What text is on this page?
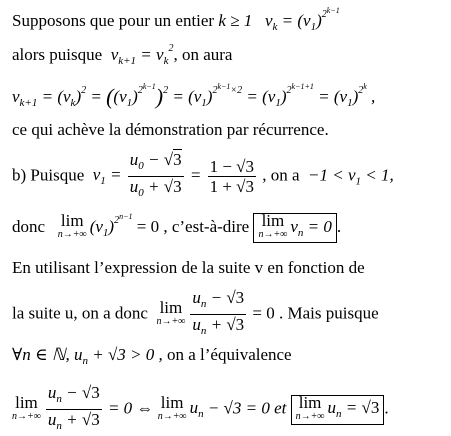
Supposons que pour un entier k ≥ 1 $v_k = (v_1)^{2^{k-1}}$
alors puisque $v_{k+1} = v_k^2$, on aura
$v_{k+1} = (v_k)^2 = ((v_1)^{2^{k-1}})^2 = (v_1)^{2^{k-1}\times 2} = (v_1)^{2^{k-1+1}} = (v_1)^{2^k}$ ,
ce qui achève la démonstration par récurrence.
b) Puisque $v_1 = \frac{u_0 - √3}{u_0 + √3} = \frac{1 - √3}{1 + √3}$ , on $a -1 < v_1 < 1$,
donc lim
n→+∞ $(v_1)^{2^{n-1}} = 0$ , c’est-à-dire lim
n→+∞ $v_n = 0$ .
En utilisant l’expression de la suite v en fonction de
la suite u, on a donc lim
$n\to+\infty \frac{u_n - √3}{u_n + √3} = 0$ . Mais puisque
∀n ∈ ℕ, $u_n + √3 > 0$ , on a l’équivalence
lim
$n\to+\infty \frac{u_n - √3}{u_n + √3} = 0$ ⇔ lim
n→+∞ $u_n - √3 = 0$ et lim
n→+∞ $u_n = √3$ .
